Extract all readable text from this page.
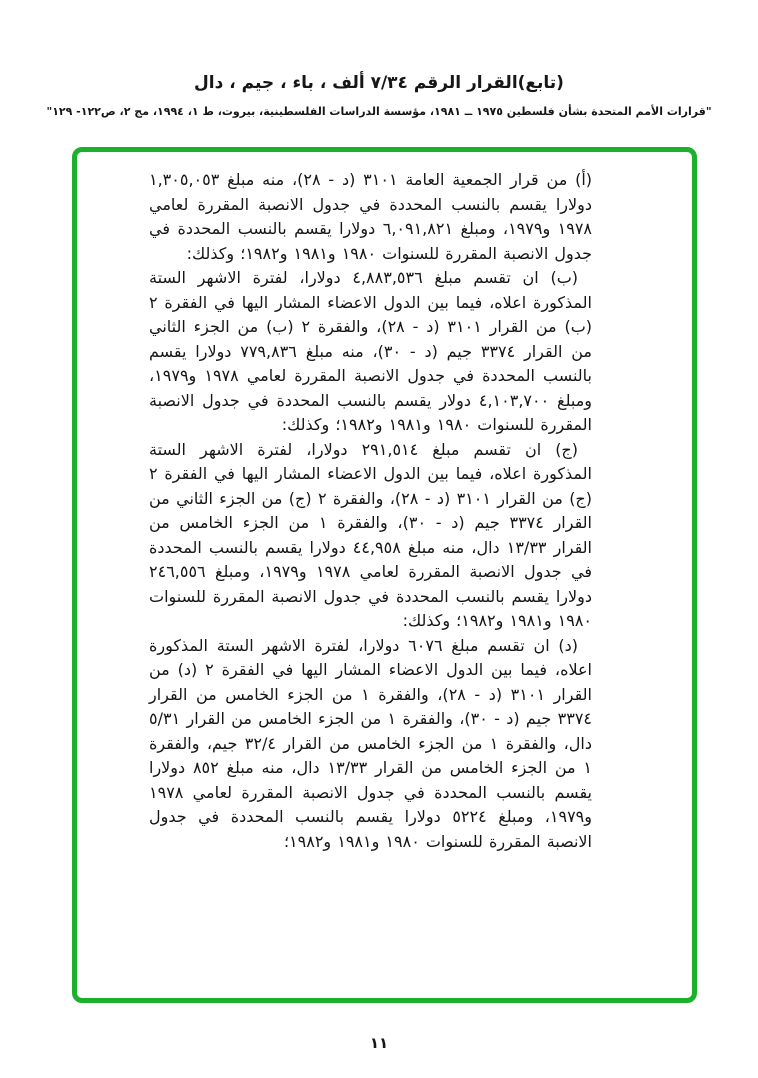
(تابع)القرار الرقم ٧/٣٤ ألف ، باء ، جيم ، دال
"قرارات الأمم المتحدة بشأن فلسطين ١٩٧٥ ــ ١٩٨١، مؤسسة الدراسات الفلسطينية، بيروت، ط ١، ١٩٩٤، مج ٢، ص١٢٢- ١٢٩"

(أ) من قرار الجمعية العامة ٣١٠١ (د - ٢٨)، منه مبلغ ١,٣٠٥,٠٥٣ دولارا يقسم بالنسب المحددة في جدول الانصبة المقررة لعامي ١٩٧٨ و١٩٧٩، ومبلغ ٦,٠٩١,٨٢١ دولارا يقسم بالنسب المحددة في جدول الانصبة المقررة للسنوات ١٩٨٠ و١٩٨١ و١٩٨٢؛ وكذلك:

(ب) ان تقسم مبلغ ٤,٨٨٣,٥٣٦ دولارا، لفترة الاشهر الستة المذكورة اعلاه، فيما بين الدول الاعضاء المشار اليها في الفقرة ٢ (ب) من القرار ٣١٠١ (د - ٢٨)، والفقرة ٢ (ب) من الجزء الثاني من القرار ٣٣٧٤ جيم (د - ٣٠)، منه مبلغ ٧٧٩,٨٣٦ دولارا يقسم بالنسب المحددة في جدول الانصبة المقررة لعامي ١٩٧٨ و١٩٧٩، ومبلغ ٤,١٠٣,٧٠٠ دولار يقسم بالنسب المحددة في جدول الانصبة المقررة للسنوات ١٩٨٠ و١٩٨١ و١٩٨٢؛ وكذلك:

(ج) ان تقسم مبلغ ٢٩١,٥١٤ دولارا، لفترة الاشهر الستة المذكورة اعلاه، فيما بين الدول الاعضاء المشار اليها في الفقرة ٢ (ج) من القرار ٣١٠١ (د - ٢٨)، والفقرة ٢ (ج) من الجزء الثاني من القرار ٣٣٧٤ جيم (د - ٣٠)، والفقرة ١ من الجزء الخامس من القرار ١٣/٣٣ دال، منه مبلغ ٤٤,٩٥٨ دولارا يقسم بالنسب المحددة في جدول الانصبة المقررة لعامي ١٩٧٨ و١٩٧٩، ومبلغ ٢٤٦,٥٥٦ دولارا يقسم بالنسب المحددة في جدول الانصبة المقررة للسنوات ١٩٨٠ و١٩٨١ و١٩٨٢؛ وكذلك:

(د) ان تقسم مبلغ ٦٠٧٦ دولارا، لفترة الاشهر الستة المذكورة اعلاه، فيما بين الدول الاعضاء المشار اليها في الفقرة ٢ (د) من القرار ٣١٠١ (د - ٢٨)، والفقرة ١ من الجزء الخامس من القرار ٣٣٧٤ جيم (د - ٣٠)، والفقرة ١ من الجزء الخامس من القرار ٥/٣١ دال، والفقرة ١ من الجزء الخامس من القرار ٣٢/٤ جيم، والفقرة ١ من الجزء الخامس من القرار ١٣/٣٣ دال، منه مبلغ ٨٥٢ دولارا يقسم بالنسب المحددة في جدول الانصبة المقررة لعامي ١٩٧٨ و١٩٧٩، ومبلغ ٥٢٢٤ دولارا يقسم بالنسب المحددة في جدول الانصبة المقررة للسنوات ١٩٨٠ و١٩٨١ و١٩٨٢؛

١١
